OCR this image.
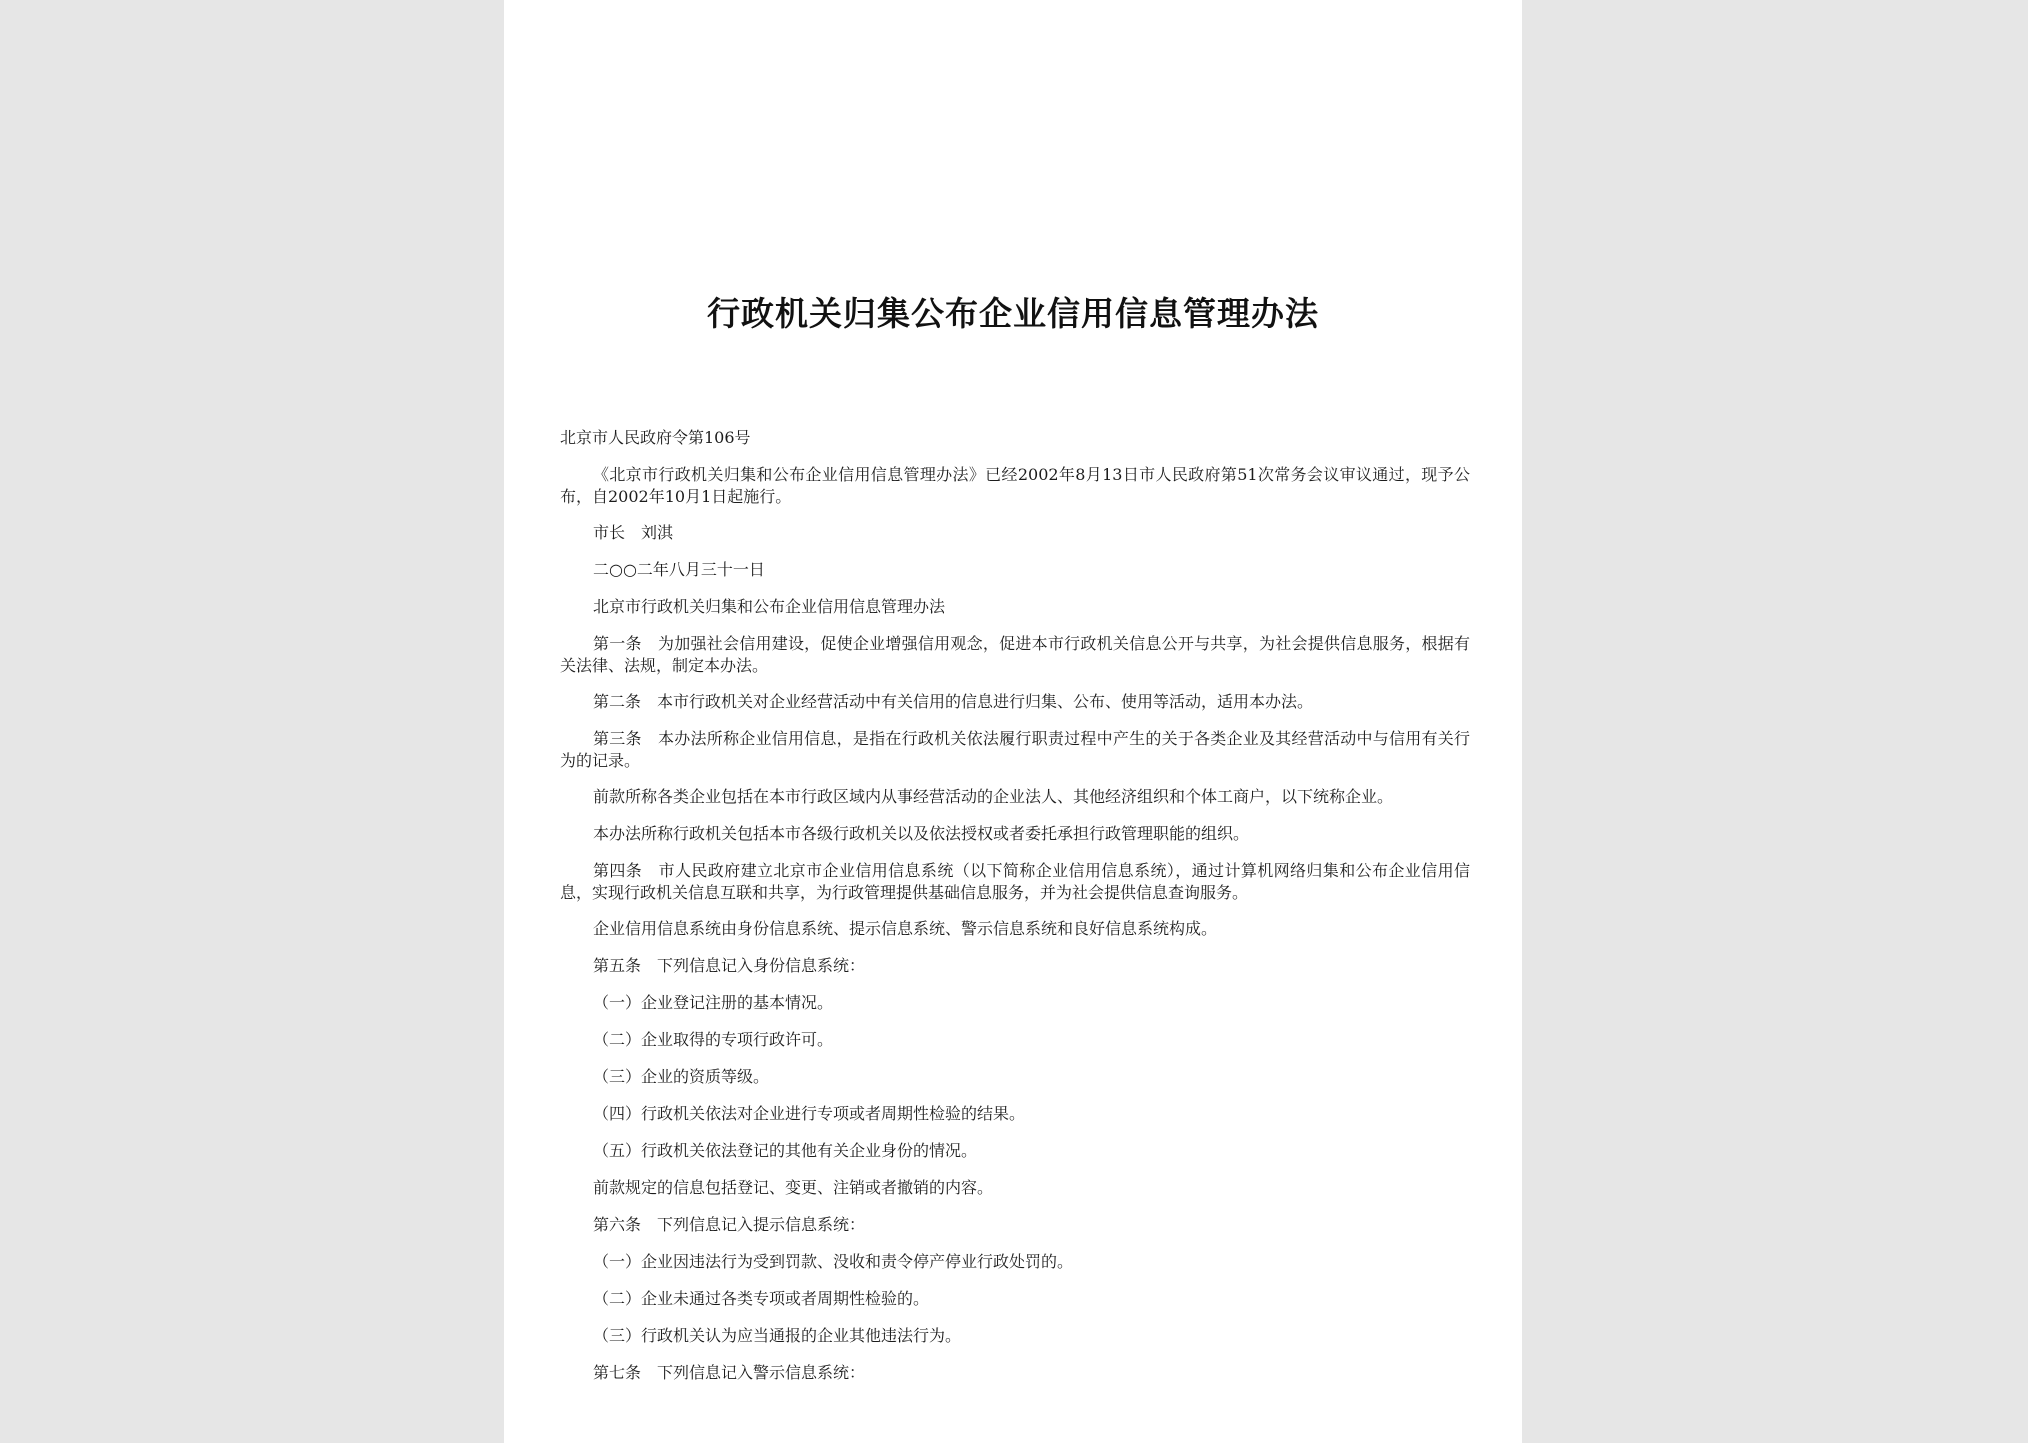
行政机关归集公布企业信用信息管理办法
北京市人民政府令第106号
《北京市行政机关归集和公布企业信用信息管理办法》已经2002年8月13日市人民政府第51次常务会议审议通过，现予公布，自2002年10月1日起施行。
市长 刘淇
二○○二年八月三十一日
北京市行政机关归集和公布企业信用信息管理办法
第一条　为加强社会信用建设，促使企业增强信用观念，促进本市行政机关信息公开与共享，为社会提供信息服务，根据有关法律、法规，制定本办法。
第二条　本市行政机关对企业经营活动中有关信用的信息进行归集、公布、使用等活动，适用本办法。
第三条　本办法所称企业信用信息，是指在行政机关依法履行职责过程中产生的关于各类企业及其经营活动中与信用有关行为的记录。
前款所称各类企业包括在本市行政区域内从事经营活动的企业法人、其他经济组织和个体工商户，以下统称企业。
本办法所称行政机关包括本市各级行政机关以及依法授权或者委托承担行政管理职能的组织。
第四条　市人民政府建立北京市企业信用信息系统（以下简称企业信用信息系统），通过计算机网络归集和公布企业信用信息，实现行政机关信息互联和共享，为行政管理提供基础信息服务，并为社会提供信息查询服务。
企业信用信息系统由身份信息系统、提示信息系统、警示信息系统和良好信息系统构成。
第五条　下列信息记入身份信息系统：
（一）企业登记注册的基本情况。
（二）企业取得的专项行政许可。
（三）企业的资质等级。
（四）行政机关依法对企业进行专项或者周期性检验的结果。
（五）行政机关依法登记的其他有关企业身份的情况。
前款规定的信息包括登记、变更、注销或者撤销的内容。
第六条　下列信息记入提示信息系统：
（一）企业因违法行为受到罚款、没收和责令停产停业行政处罚的。
（二）企业未通过各类专项或者周期性检验的。
（三）行政机关认为应当通报的企业其他违法行为。
第七条　下列信息记入警示信息系统：
